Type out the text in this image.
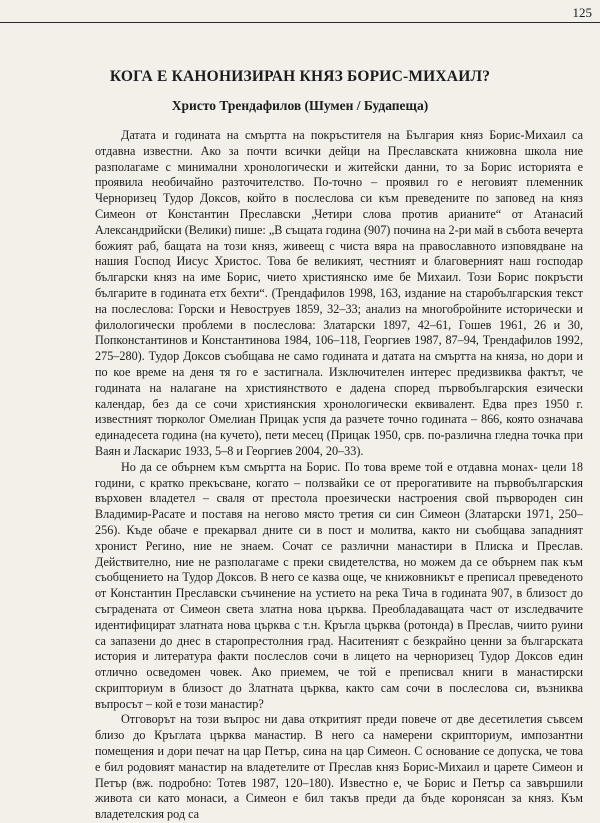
125
КОГА Е КАНОНИЗИРАН КНЯЗ БОРИС-МИХАИЛ?
Христо Трендафилов (Шумен / Будапеща)

Датата и годината на смъртта на покръстителя на България княз Борис-Михаил са отдавна известни. Ако за почти всички дейци на Преславската книжовна школа ние разполагаме с минимални хронологически и житейски данни, то за Борис историята е проявила необичайно разточителство. По-точно – проявил го е неговият племенник Черноризец Тудор Доксов, който в послеслова си към преведените по заповед на княз Симеон от Константин Преславски „Четири слова против арианите“ от Атанасий Александрийски (Велики) пише: „В същата година (907) почина на 2-ри май в събота вечерта божият раб, бащата на този княз, живеещ с чиста вяра на православното изповядване на нашия Господ Иисус Христос. Това бе великият, честният и благоверният наш господар български княз на име Борис, чието християнско име бе Михаил. Този Борис покръсти българите в годината етх бехти“. (Трендафилов 1998, 163, издание на старобългарския текст на послеслова: Горски и Невоструев 1859, 32–33; анализ на многобройните исторически и филологически проблеми в послеслова: Златарски 1897, 42–61, Гошев 1961, 26 и 30, Попконстантинов и Константинова 1984, 106–118, Георгиев 1987, 87–94, Трендафилов 1992, 275–280). Тудор Доксов съобщава не само годината и датата на смъртта на княза, но дори и по кое време на деня тя го е застигнала. Изключителен интерес предизвиква фактът, че годината на налагане на християнството е дадена според първобългарския езически календар, без да се сочи християнския хронологически еквивалент. Едва през 1950 г. известният тюрколог Омелиан Прицак успя да разчете точно годината – 866, която означава единадесета година (на кучето), пети месец (Прицак 1950, срв. по-различна гледна точка при Ваян и Ласкарис 1933, 5–8 и Георгиев 2004, 20–33).

Но да се обърнем към смъртта на Борис. По това време той е отдавна монах- цели 18 години, с кратко прекъсване, когато – ползвайки се от прерогативите на първобългарския върховен владетел – сваля от престола проезически настроения свой първороден син Владимир-Расате и поставя на негово място третия си син Симеон (Златарски 1971, 250–256). Къде обаче е прекарвал дните си в пост и молитва, както ни съобщава западният хронист Регино, ние не знаем. Сочат се различни манастири в Плиска и Преслав. Действително, ние не разполагаме с преки свидетелства, но можем да се обърнем пак към съобщението на Тудор Доксов. В него се казва още, че книжовникът е преписал преведеното от Константин Преславски съчинение на устието на река Тича в годината 907, в близост до съградената от Симеон света златна нова църква. Преобладаващата част от изследвачите идентифицират златната нова църква с т.н. Кръгла църква (ротонда) в Преслав, чиито руини са запазени до днес в старопрестолния град. Наситеният с безкрайно ценни за българската история и литература факти послеслов сочи в лицето на черноризец Тудор Доксов един отлично осведомен човек. Ако приемем, че той е преписвал книги в манастирски скрипториум в близост до Златната църква, както сам сочи в послеслова си, възниква въпросът – кой е този манастир?

Отговорът на този въпрос ни дава откритият преди повече от две десетилетия съвсем близо до Кръглата църква манастир. В него са намерени скрипториум, импозантни помещения и дори печат на цар Петър, сина на цар Симеон. С основание се допуска, че това е бил родовият манастир на владетелите от Преслав княз Борис-Михаил и царете Симеон и Петър (вж. подробно: Тотев 1987, 120–180). Известно е, че Борис и Петър са завършили живота си като монаси, а Симеон е бил такъв преди да бъде коронясан за княз. Към владетелския род са
